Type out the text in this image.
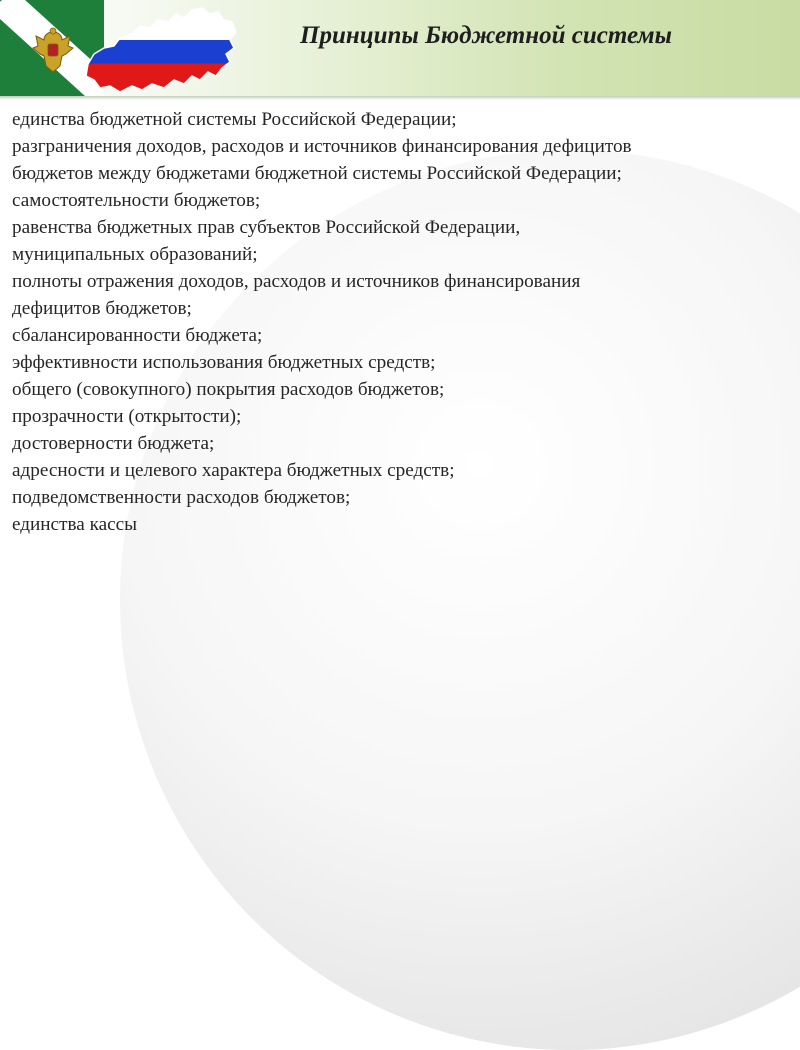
Принципы Бюджетной системы
единства бюджетной системы Российской Федерации;
разграничения доходов, расходов и источников финансирования дефицитов
бюджетов между бюджетами бюджетной системы Российской Федерации;
самостоятельности бюджетов;
равенства бюджетных прав субъектов Российской Федерации,
муниципальных образований;
полноты отражения доходов, расходов и источников финансирования
дефицитов бюджетов;
сбалансированности бюджета;
эффективности использования бюджетных средств;
общего (совокупного) покрытия расходов бюджетов;
прозрачности (открытости);
достоверности бюджета;
адресности и целевого характера бюджетных средств;
подведомственности расходов бюджетов;
единства кассы
